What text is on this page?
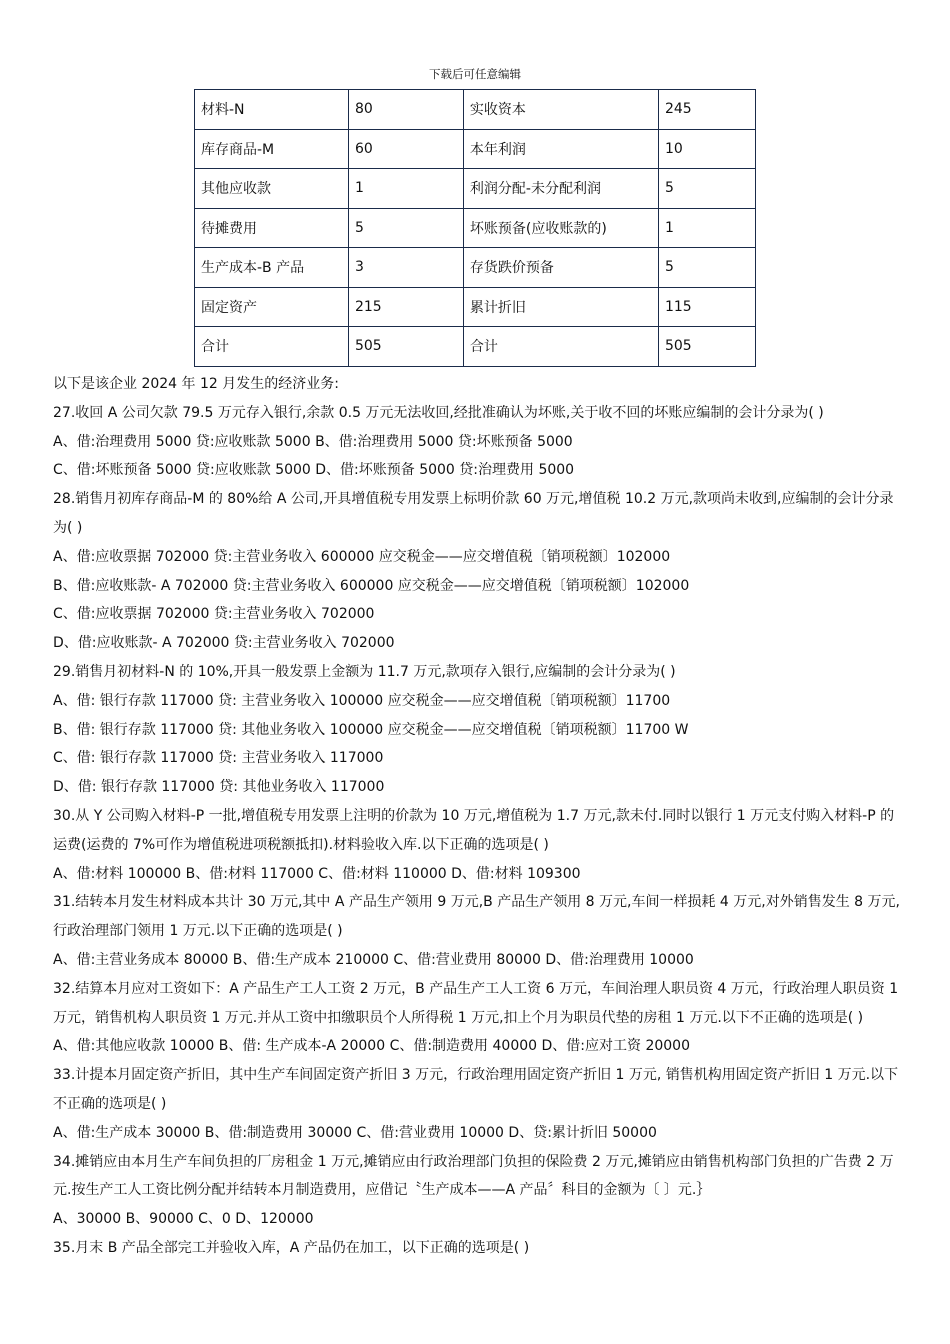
下载后可任意编辑
材料-N	80	实收资本	245
库存商品-M	60	本年利润	10
其他应收款	1	利润分配-未分配利润	5
待摊费用	5	坏账预备(应收账款的)	1
生产成本-B 产品	3	存货跌价预备	5
固定资产	215	累计折旧	115
合计	505	合计	505
以下是该企业 2024 年 12 月发生的经济业务:
27.收回 A 公司欠款 79.5 万元存入银行,余款 0.5 万元无法收回,经批准确认为坏账,关于收不回的坏账应编制的会计分录为( )
A、借:治理费用 5000 贷:应收账款 5000 B、借:治理费用 5000 贷:坏账预备 5000
C、借:坏账预备 5000 贷:应收账款 5000 D、借:坏账预备 5000 贷:治理费用 5000
28.销售月初库存商品-M 的 80%给 A 公司,开具增值税专用发票上标明价款 60 万元,增值税 10.2 万元,款项尚未收到,应编制的会计分录为( )
A、借:应收票据 702000 贷:主营业务收入 600000 应交税金——应交增值税〔销项税额〕102000
B、借:应收账款- A 702000 贷:主营业务收入 600000 应交税金——应交增值税〔销项税额〕102000
C、借:应收票据 702000 贷:主营业务收入 702000
D、借:应收账款- A 702000 贷:主营业务收入 702000
29.销售月初材料-N 的 10%,开具一般发票上金额为 11.7 万元,款项存入银行,应编制的会计分录为( )
A、借: 银行存款 117000 贷: 主营业务收入 100000 应交税金——应交增值税〔销项税额〕11700
B、借: 银行存款 117000 贷: 其他业务收入 100000 应交税金——应交增值税〔销项税额〕11700 W
C、借: 银行存款 117000 贷: 主营业务收入 117000
D、借: 银行存款 117000 贷: 其他业务收入 117000
30.从 Y 公司购入材料-P 一批,增值税专用发票上注明的价款为 10 万元,增值税为 1.7 万元,款未付.同时以银行 1 万元支付购入材料-P 的运费(运费的 7%可作为增值税进项税额抵扣).材料验收入库.以下正确的选项是( )
A、借:材料 100000 B、借:材料 117000 C、借:材料 110000 D、借:材料 109300
31.结转本月发生材料成本共计 30 万元,其中 A 产品生产领用 9 万元,B 产品生产领用 8 万元,车间一样损耗 4 万元,对外销售发生 8 万元,行政治理部门领用 1 万元.以下正确的选项是( )
A、借:主营业务成本 80000 B、借:生产成本 210000 C、借:营业费用 80000 D、借:治理费用 10000
32.结算本月应对工资如下：A 产品生产工人工资 2 万元，B 产品生产工人工资 6 万元，车间治理人职员资 4 万元，行政治理人职员资 1 万元，销售机构人职员资 1 万元.并从工资中扣缴职员个人所得税 1 万元,扣上个月为职员代垫的房租 1 万元.以下不正确的选项是( )
A、借:其他应收款 10000 B、借: 生产成本-A 20000 C、借:制造费用 40000 D、借:应对工资 20000
33.计提本月固定资产折旧，其中生产车间固定资产折旧 3 万元，行政治理用固定资产折旧 1 万元, 销售机构用固定资产折旧 1 万元.以下不正确的选项是( )
A、借:生产成本 30000 B、借:制造费用 30000 C、借:营业费用 10000 D、贷:累计折旧 50000
34.摊销应由本月生产车间负担的厂房租金 1 万元,摊销应由行政治理部门负担的保险费 2 万元,摊销应由销售机构部门负担的广告费 2 万元.按生产工人工资比例分配并结转本月制造费用，应借记〝生产成本——A 产品〞科目的金额为〔 〕元.｝
A、30000 B、90000 C、0 D、120000
35.月末 B 产品全部完工并验收入库，A 产品仍在加工，以下正确的选项是( )
